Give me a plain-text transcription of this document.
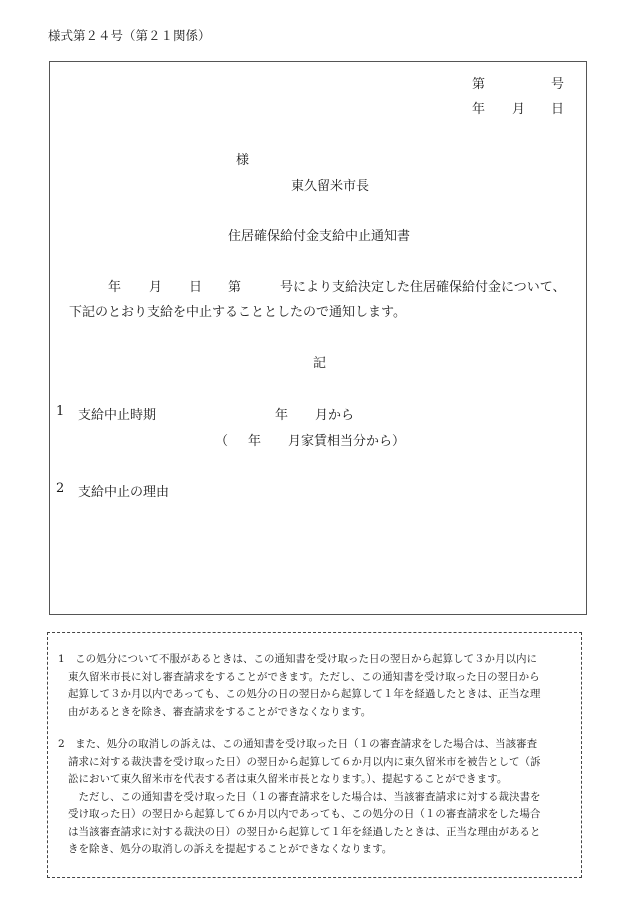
様式第２４号（第２１関係）
第	号
年 月 日
様
東久留米市長
住居確保給付金支給中止通知書
年 月 日 第	号により支給決定した住居確保給付金について、
下記のとおり支給を中止することとしたので通知します。
記
1 支給中止時期	年 月から
（ 年 月家賃相当分から）
2 支給中止の理由
1　この処分について不服があるときは、この通知書を受け取った日の翌日から起算して３か月以内に
東久留米市長に対し審査請求をすることができます。ただし、この通知書を受け取った日の翌日から
起算して３か月以内であっても、この処分の日の翌日から起算して１年を経過したときは、正当な理
由があるときを除き、審査請求をすることができなくなります。
2　また、処分の取消しの訴えは、この通知書を受け取った日（１の審査請求をした場合は、当該審査
請求に対する裁決書を受け取った日）の翌日から起算して６か月以内に東久留米市を被告として（訴
訟において東久留米市を代表する者は東久留米市長となります。）、提起することができます。
　ただし、この通知書を受け取った日（１の審査請求をした場合は、当該審査請求に対する裁決書を
受け取った日）の翌日から起算して６か月以内であっても、この処分の日（１の審査請求をした場合
は当該審査請求に対する裁決の日）の翌日から起算して１年を経過したときは、正当な理由があると
きを除き、処分の取消しの訴えを提起することができなくなります。
